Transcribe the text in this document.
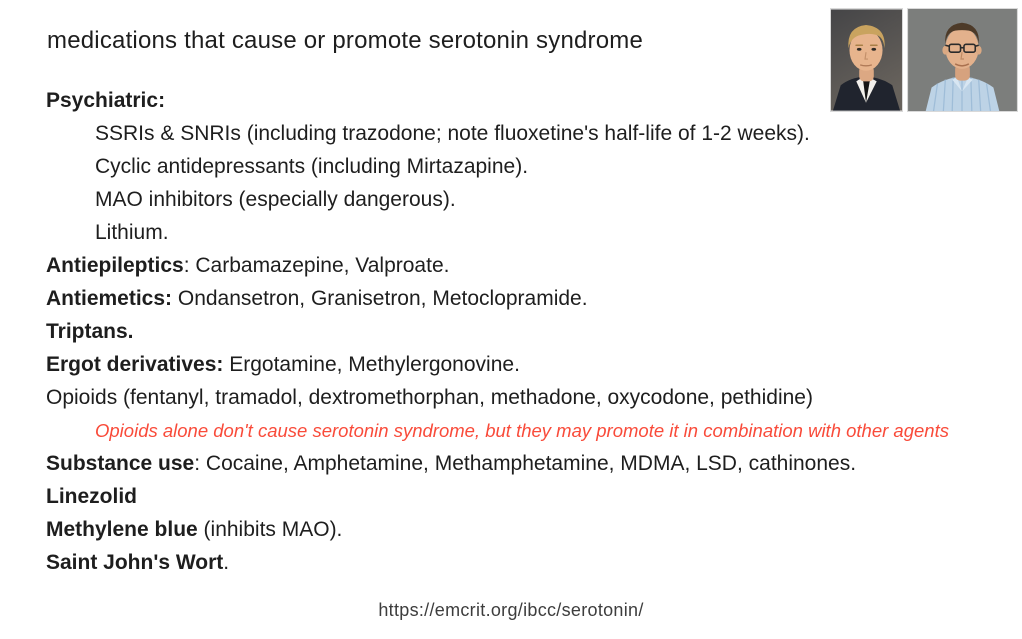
medications that cause or promote serotonin syndrome
Psychiatric:
SSRIs & SNRIs (including trazodone; note fluoxetine's half-life of 1-2 weeks).
Cyclic antidepressants (including Mirtazapine).
MAO inhibitors (especially dangerous).
Lithium.
Antiepileptics: Carbamazepine, Valproate.
Antiemetics: Ondansetron, Granisetron, Metoclopramide.
Triptans.
Ergot derivatives: Ergotamine, Methylergonovine.
Opioids (fentanyl, tramadol, dextromethorphan, methadone, oxycodone, pethidine)
Opioids alone don't cause serotonin syndrome, but they may promote it in combination with other agents
Substance use: Cocaine, Amphetamine, Methamphetamine, MDMA, LSD, cathinones.
Linezolid
Methylene blue (inhibits MAO).
Saint John's Wort.
https://emcrit.org/ibcc/serotonin/
